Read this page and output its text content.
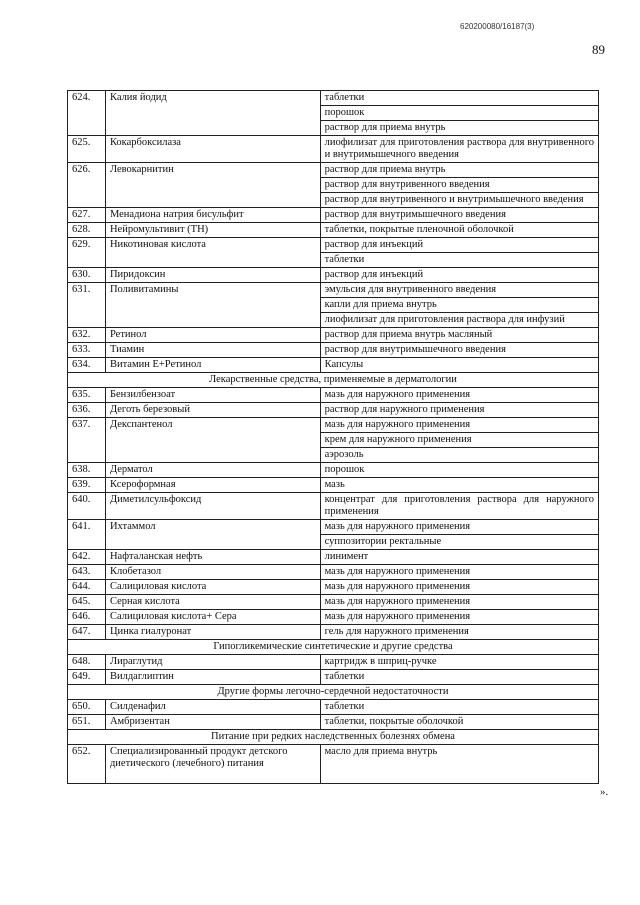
620200080/16187(3)
89
624.	Калия йодид	таблетки
		порошок
		раствор для приема внутрь
625.	Кокарбоксилаза	лиофилизат для приготовления раствора для внутривенного и внутримышечного введения
626.	Левокарнитин	раствор для приема внутрь
		раствор для внутривенного введения
		раствор для внутривенного и внутримышечного введения
627.	Менадиона натрия бисульфит	раствор для внутримышечного введения
628.	Нейромультивит (ТН)	таблетки, покрытые пленочной оболочкой
629.	Никотиновая кислота	раствор для инъекций
		таблетки
630.	Пиридоксин	раствор для инъекций
631.	Поливитамины	эмульсия для внутривенного введения
		капли для приема внутрь
		лиофилизат для приготовления раствора для инфузий
632.	Ретинол	раствор для приема внутрь масляный
633.	Тиамин	раствор для внутримышечного введения
634.	Витамин Е+Ретинол	Капсулы
Лекарственные средства, применяемые в дерматологии		
635.	Бензилбензоат	мазь для наружного применения
636.	Деготь березовый	раствор для наружного применения
637.	Декспантенол	мазь для наружного применения
		крем для наружного применения
		аэрозоль
638.	Дерматол	порошок
639.	Ксероформная	мазь
640.	Диметилсульфоксид	концентрат для приготовления раствора для наружного применения
641.	Ихтаммол	мазь для наружного применения
		суппозитории ректальные
642.	Нафталанская нефть	линимент
643.	Клобетазол	мазь для наружного применения
644.	Салициловая кислота	мазь для наружного применения
645.	Серная кислота	мазь для наружного применения
646.	Салициловая кислота+ Сера	мазь для наружного применения
647.	Цинка гиалуронат	гель для наружного применения
Гипогликемические синтетические и другие средства		
648.	Лираглутид	картридж в шприц-ручке
649.	Вилдаглиптин	таблетки
Другие формы легочно-сердечной недостаточности		
650.	Силденафил	таблетки
651.	Амбризентан	таблетки, покрытые оболочкой
Питание при редких наследственных болезнях обмена		
652.	Специализированный продукт детского диетического (лечебного) питания	масло для приема внутрь
».
